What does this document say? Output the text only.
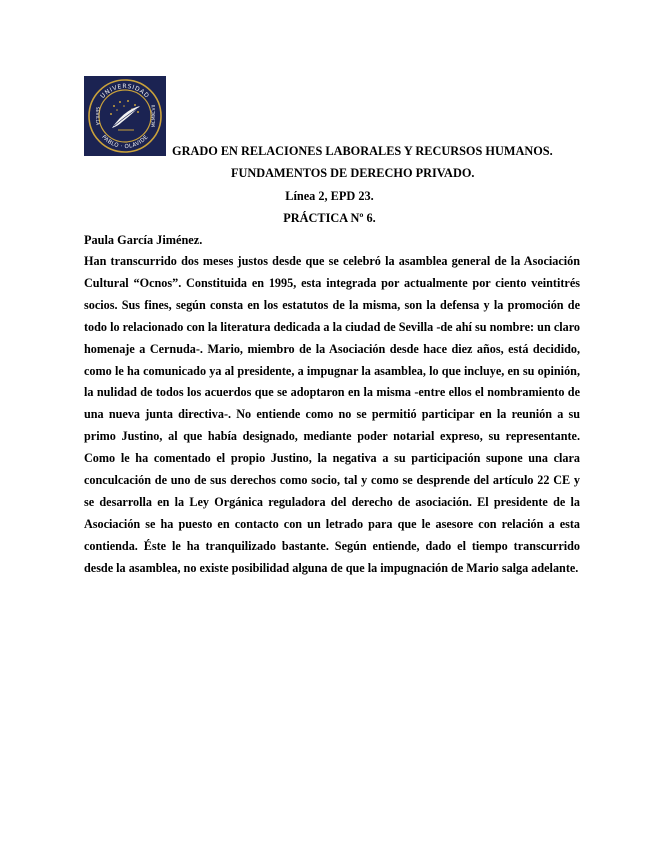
UNIVERSIDAD
PABLO · OLAVIDE
SEVILLA	MCMXCVII
GRADO EN RELACIONES LABORALES Y RECURSOS HUMANOS.
FUNDAMENTOS DE DERECHO PRIVADO.
Línea 2, EPD 23.
PRÁCTICA Nº 6.
Paula García Jiménez.

Han transcurrido dos meses justos desde que se celebró la asamblea general de la Asociación Cultural “Ocnos”. Constituida en 1995, esta integrada por actualmente por ciento veintitrés socios. Sus fines, según consta en los estatutos de la misma, son la defensa y la promoción de todo lo relacionado con la literatura dedicada a la ciudad de Sevilla -de ahí su nombre: un claro homenaje a Cernuda-. Mario, miembro de la Asociación desde hace diez años, está decidido, como le ha comunicado ya al presidente, a impugnar la asamblea, lo que incluye, en su opinión, la nulidad de todos los acuerdos que se adoptaron en la misma -entre ellos el nombramiento de una nueva junta directiva-. No entiende como no se permitió participar en la reunión a su primo Justino, al que había designado, mediante poder notarial expreso, su representante. Como le ha comentado el propio Justino, la negativa a su participación supone una clara conculcación de uno de sus derechos como socio, tal y como se desprende del artículo 22 CE y se desarrolla en la Ley Orgánica reguladora del derecho de asociación. El presidente de la Asociación se ha puesto en contacto con un letrado para que le asesore con relación a esta contienda. Éste le ha tranquilizado bastante. Según entiende, dado el tiempo transcurrido desde la asamblea, no existe posibilidad alguna de que la impugnación de Mario salga adelante.
